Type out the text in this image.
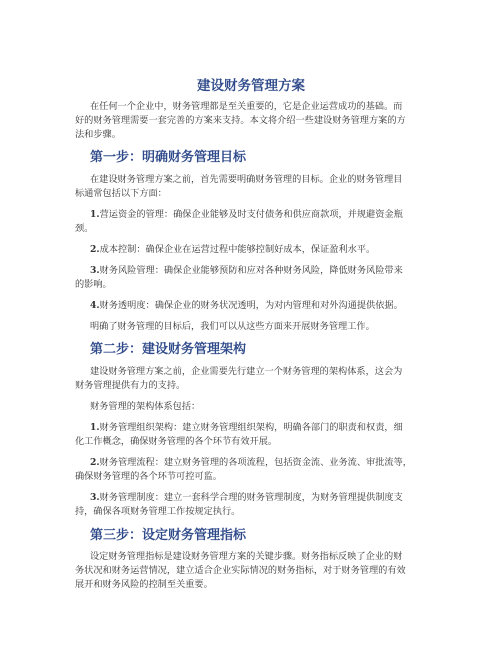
建设财务管理方案
在任何一个企业中，财务管理都是至关重要的，它是企业运营成功的基础。而
好的财务管理需要一套完善的方案来支持。本文将介绍一些建设财务管理方案的方
法和步骤。
第一步：明确财务管理目标
在建设财务管理方案之前，首先需要明确财务管理的目标。企业的财务管理目
标通常包括以下方面：
1.营运资金的管理：确保企业能够及时支付债务和供应商款项，并规避资金瓶
颈。
2.成本控制：确保企业在运营过程中能够控制好成本，保证盈利水平。
3.财务风险管理：确保企业能够预防和应对各种财务风险，降低财务风险带来
的影响。
4.财务透明度：确保企业的财务状况透明，为对内管理和对外沟通提供依据。
明确了财务管理的目标后，我们可以从这些方面来开展财务管理工作。
第二步：建设财务管理架构
建设财务管理方案之前，企业需要先行建立一个财务管理的架构体系，这会为
财务管理提供有力的支持。
财务管理的架构体系包括：
1.财务管理组织架构：建立财务管理组织架构，明确各部门的职责和权责，细
化工作概念，确保财务管理的各个环节有效开展。
2.财务管理流程：建立财务管理的各项流程，包括资金流、业务流、审批流等，
确保财务管理的各个环节可控可监。
3.财务管理制度：建立一套科学合理的财务管理制度，为财务管理提供制度支
持，确保各项财务管理工作按规定执行。
第三步：设定财务管理指标
设定财务管理指标是建设财务管理方案的关键步骤。财务指标反映了企业的财
务状况和财务运营情况，建立适合企业实际情况的财务指标，对于财务管理的有效
展开和财务风险的控制至关重要。
